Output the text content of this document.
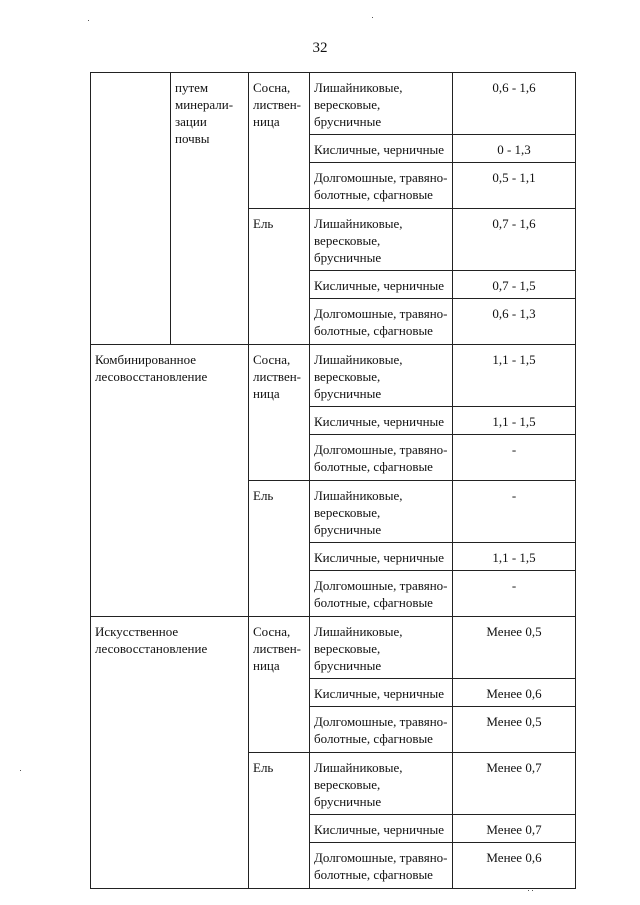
32
	путем минерали-зации почвы	Сосна, листвен-ница	Лишайниковые, вересковые, брусничные	0,6 - 1,6
			Кисличные, черничные	0 - 1,3
			Долгомошные, травяно-болотные, сфагновые	0,5 - 1,1
		Ель	Лишайниковые, вересковые, брусничные	0,7 - 1,6
			Кисличные, черничные	0,7 - 1,5
			Долгомошные, травяно-болотные, сфагновые	0,6 - 1,3
Комбинированное лесовосстановление		Сосна, листвен-ница	Лишайниковые, вересковые, брусничные	1,1 - 1,5
			Кисличные, черничные	1,1 - 1,5
			Долгомошные, травяно-болотные, сфагновые	-
		Ель	Лишайниковые, вересковые, брусничные	-
			Кисличные, черничные	1,1 - 1,5
			Долгомошные, травяно-болотные, сфагновые	-
Искусственное лесовосстановление		Сосна, листвен-ница	Лишайниковые, вересковые, брусничные	Менее 0,5
			Кисличные, черничные	Менее 0,6
			Долгомошные, травяно-болотные, сфагновые	Менее 0,5
		Ель	Лишайниковые, вересковые, брусничные	Менее 0,7
			Кисличные, черничные	Менее 0,7
			Долгомошные, травяно-болотные, сфагновые	Менее 0,6
